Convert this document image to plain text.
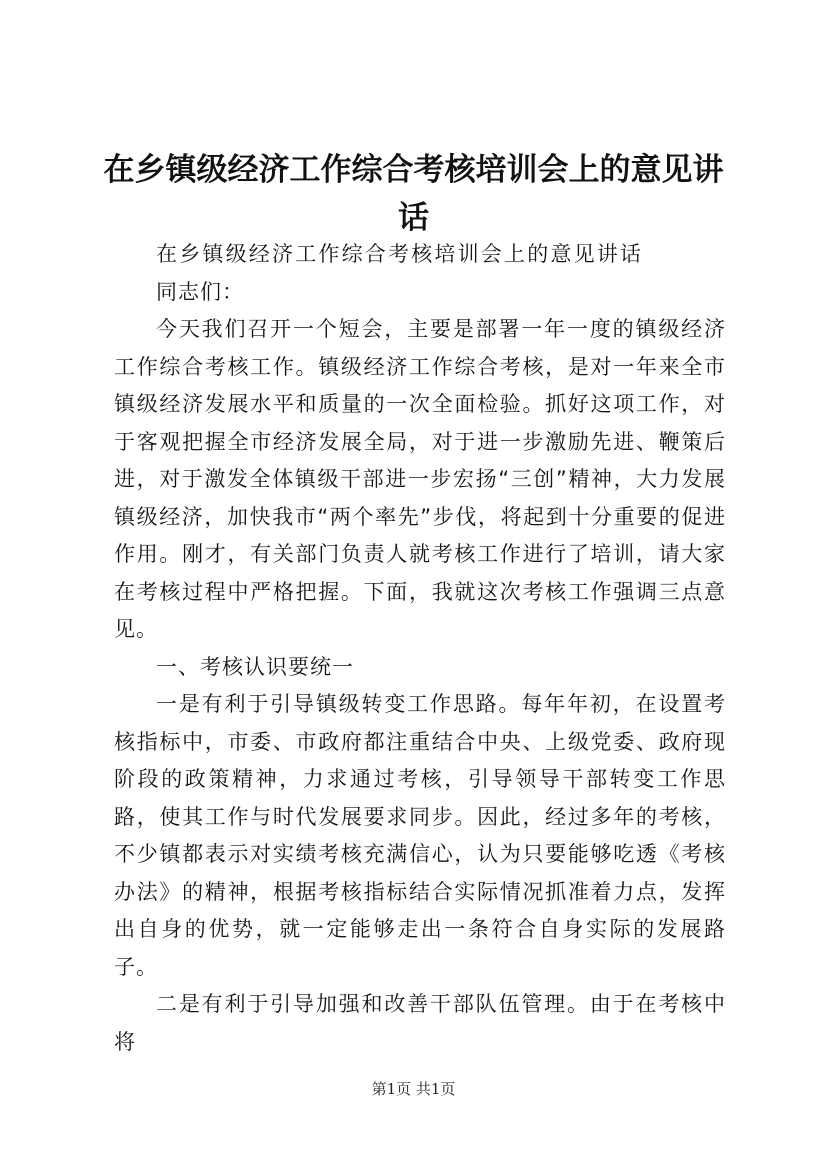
在乡镇级经济工作综合考核培训会上的意见讲话

在乡镇级经济工作综合考核培训会上的意见讲话

同志们：

今天我们召开一个短会，主要是部署一年一度的镇级经济工作综合考核工作。镇级经济工作综合考核，是对一年来全市镇级经济发展水平和质量的一次全面检验。抓好这项工作，对于客观把握全市经济发展全局，对于进一步激励先进、鞭策后进，对于激发全体镇级干部进一步宏扬“三创”精神，大力发展镇级经济，加快我市“两个率先”步伐，将起到十分重要的促进作用。刚才，有关部门负责人就考核工作进行了培训，请大家在考核过程中严格把握。下面，我就这次考核工作强调三点意见。

一、考核认识要统一

一是有利于引导镇级转变工作思路。每年年初，在设置考核指标中，市委、市政府都注重结合中央、上级党委、政府现阶段的政策精神，力求通过考核，引导领导干部转变工作思路，使其工作与时代发展要求同步。因此，经过多年的考核，不少镇都表示对实绩考核充满信心，认为只要能够吃透《考核办法》的精神，根据考核指标结合实际情况抓准着力点，发挥出自身的优势，就一定能够走出一条符合自身实际的发展路子。

二是有利于引导加强和改善干部队伍管理。由于在考核中将

第1页 共1页
